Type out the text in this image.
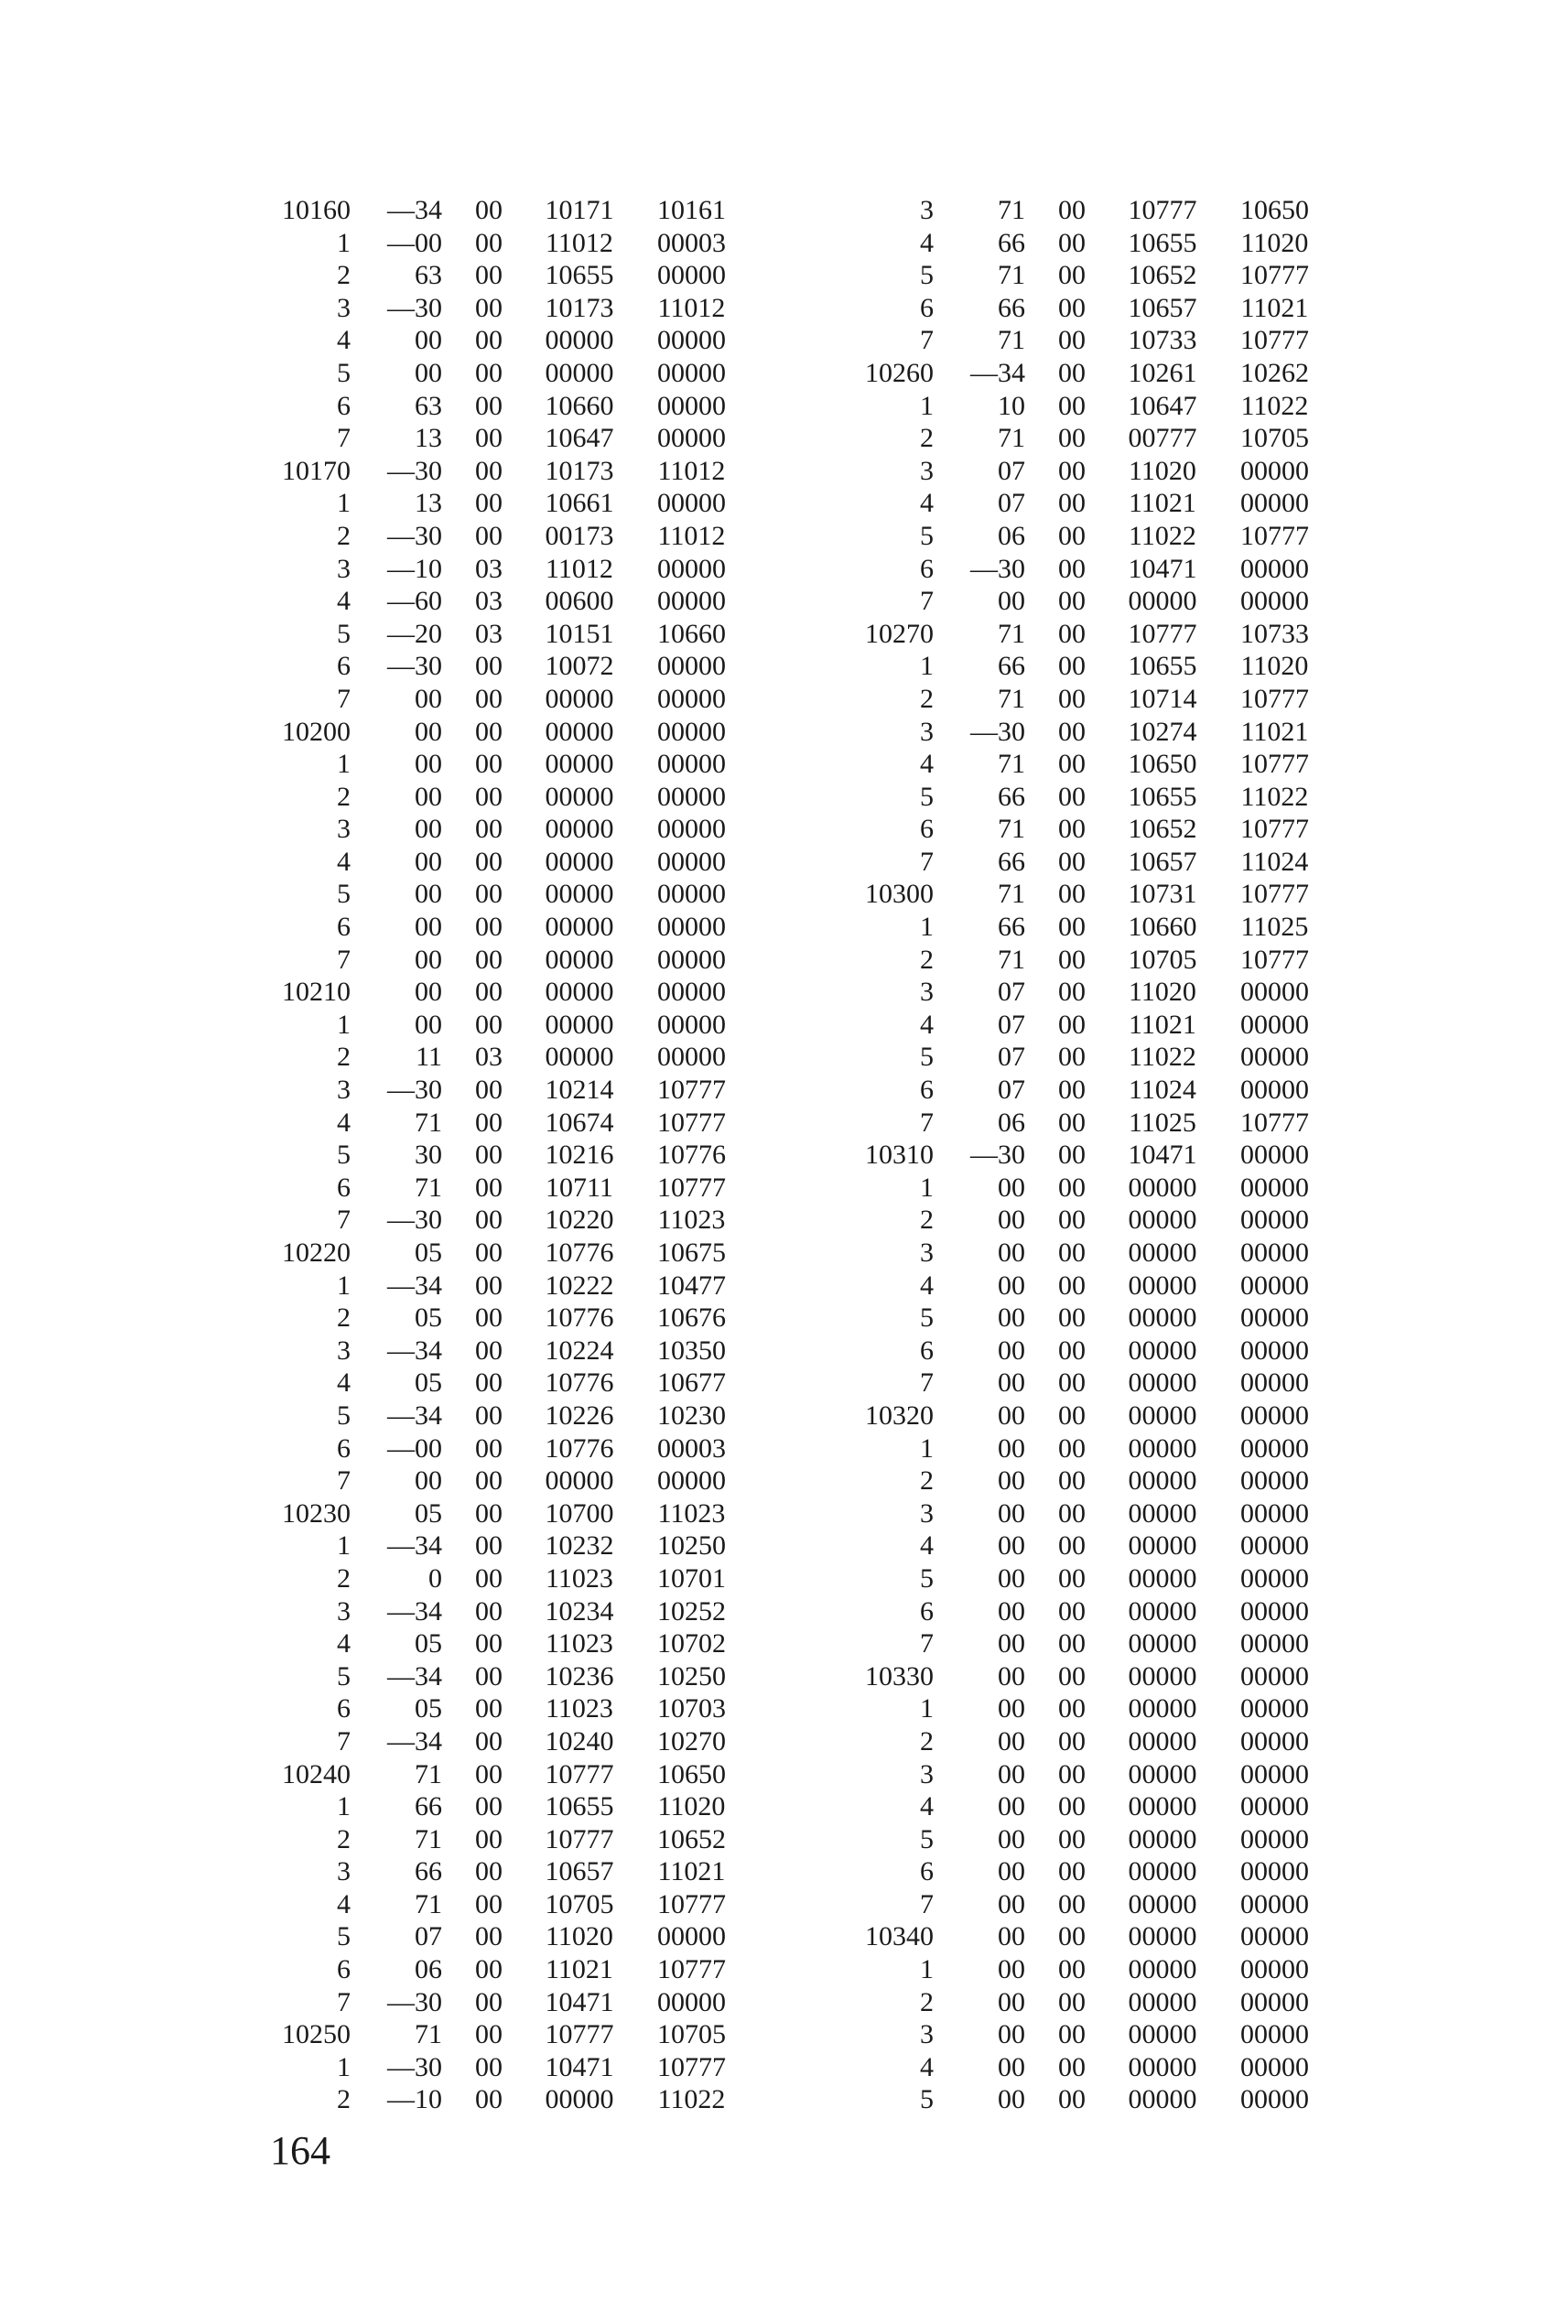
10160	—34	00	10171	10161
1	—00	00	11012	00003
2	63	00	10655	00000
3	—30	00	10173	11012
4	00	00	00000	00000
5	00	00	00000	00000
6	63	00	10660	00000
7	13	00	10647	00000
10170	—30	00	10173	11012
1	13	00	10661	00000
2	—30	00	00173	11012
3	—10	03	11012	00000
4	—60	03	00600	00000
5	—20	03	10151	10660
6	—30	00	10072	00000
7	00	00	00000	00000
10200	00	00	00000	00000
1	00	00	00000	00000
2	00	00	00000	00000
3	00	00	00000	00000
4	00	00	00000	00000
5	00	00	00000	00000
6	00	00	00000	00000
7	00	00	00000	00000
10210	00	00	00000	00000
1	00	00	00000	00000
2	11	03	00000	00000
3	—30	00	10214	10777
4	71	00	10674	10777
5	30	00	10216	10776
6	71	00	10711	10777
7	—30	00	10220	11023
10220	05	00	10776	10675
1	—34	00	10222	10477
2	05	00	10776	10676
3	—34	00	10224	10350
4	05	00	10776	10677
5	—34	00	10226	10230
6	—00	00	10776	00003
7	00	00	00000	00000
10230	05	00	10700	11023
1	—34	00	10232	10250
2	0	00	11023	10701
3	—34	00	10234	10252
4	05	00	11023	10702
5	—34	00	10236	10250
6	05	00	11023	10703
7	—34	00	10240	10270
10240	71	00	10777	10650
1	66	00	10655	11020
2	71	00	10777	10652
3	66	00	10657	11021
4	71	00	10705	10777
5	07	00	11020	00000
6	06	00	11021	10777
7	—30	00	10471	00000
10250	71	00	10777	10705
1	—30	00	10471	10777
2	—10	00	00000	11022
3	71	00	10777	10650
4	66	00	10655	11020
5	71	00	10652	10777
6	66	00	10657	11021
7	71	00	10733	10777
10260	—34	00	10261	10262
1	10	00	10647	11022
2	71	00	00777	10705
3	07	00	11020	00000
4	07	00	11021	00000
5	06	00	11022	10777
6	—30	00	10471	00000
7	00	00	00000	00000
10270	71	00	10777	10733
1	66	00	10655	11020
2	71	00	10714	10777
3	—30	00	10274	11021
4	71	00	10650	10777
5	66	00	10655	11022
6	71	00	10652	10777
7	66	00	10657	11024
10300	71	00	10731	10777
1	66	00	10660	11025
2	71	00	10705	10777
3	07	00	11020	00000
4	07	00	11021	00000
5	07	00	11022	00000
6	07	00	11024	00000
7	06	00	11025	10777
10310	—30	00	10471	00000
1	00	00	00000	00000
2	00	00	00000	00000
3	00	00	00000	00000
4	00	00	00000	00000
5	00	00	00000	00000
6	00	00	00000	00000
7	00	00	00000	00000
10320	00	00	00000	00000
1	00	00	00000	00000
2	00	00	00000	00000
3	00	00	00000	00000
4	00	00	00000	00000
5	00	00	00000	00000
6	00	00	00000	00000
7	00	00	00000	00000
10330	00	00	00000	00000
1	00	00	00000	00000
2	00	00	00000	00000
3	00	00	00000	00000
4	00	00	00000	00000
5	00	00	00000	00000
6	00	00	00000	00000
7	00	00	00000	00000
10340	00	00	00000	00000
1	00	00	00000	00000
2	00	00	00000	00000
3	00	00	00000	00000
4	00	00	00000	00000
5	00	00	00000	00000
164
